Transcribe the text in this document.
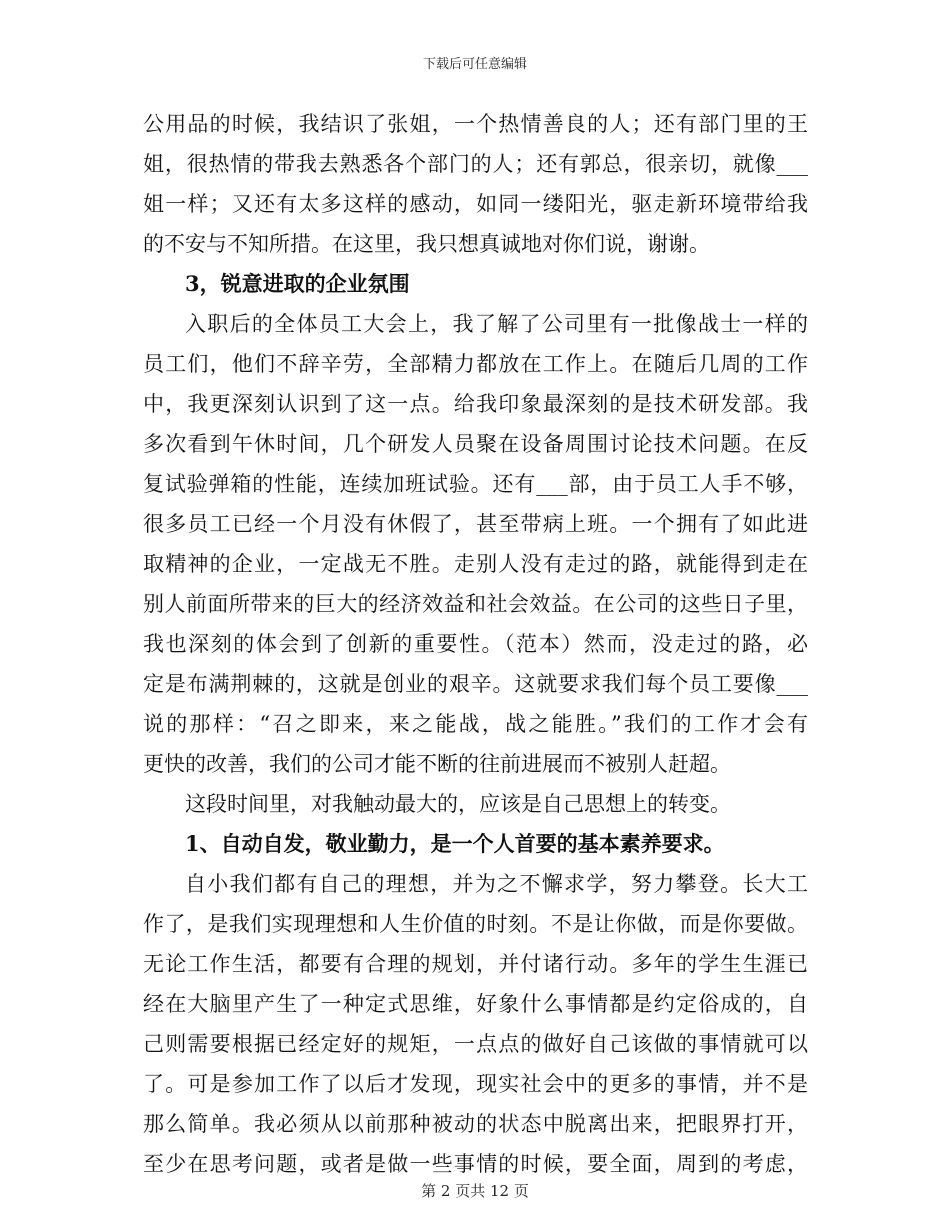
下载后可任意编辑
公用品的时候，我结识了张姐，一个热情善良的人；还有部门里的王
姐，很热情的带我去熟悉各个部门的人；还有郭总，很亲切，就像___
姐一样；又还有太多这样的感动，如同一缕阳光，驱走新环境带给我
的不安与不知所措。在这里，我只想真诚地对你们说，谢谢。
3，锐意进取的企业氛围
入职后的全体员工大会上，我了解了公司里有一批像战士一样的
员工们，他们不辞辛劳，全部精力都放在工作上。在随后几周的工作
中，我更深刻认识到了这一点。给我印象最深刻的是技术研发部。我
多次看到午休时间，几个研发人员聚在设备周围讨论技术问题。在反
复试验弹箱的性能，连续加班试验。还有___部，由于员工人手不够，
很多员工已经一个月没有休假了，甚至带病上班。一个拥有了如此进
取精神的企业，一定战无不胜。走别人没有走过的路，就能得到走在
别人前面所带来的巨大的经济效益和社会效益。在公司的这些日子里，
我也深刻的体会到了创新的重要性。（范本）然而，没走过的路，必
定是布满荆棘的，这就是创业的艰辛。这就要求我们每个员工要像___
说的那样：“召之即来，来之能战，战之能胜。”我们的工作才会有
更快的改善，我们的公司才能不断的往前进展而不被别人赶超。
这段时间里，对我触动最大的，应该是自己思想上的转变。
1、自动自发，敬业勤力，是一个人首要的基本素养要求。
自小我们都有自己的理想，并为之不懈求学，努力攀登。长大工
作了，是我们实现理想和人生价值的时刻。不是让你做，而是你要做。
无论工作生活，都要有合理的规划，并付诸行动。多年的学生生涯已
经在大脑里产生了一种定式思维，好象什么事情都是约定俗成的，自
己则需要根据已经定好的规矩，一点点的做好自己该做的事情就可以
了。可是参加工作了以后才发现，现实社会中的更多的事情，并不是
那么简单。我必须从以前那种被动的状态中脱离出来，把眼界打开，
至少在思考问题，或者是做一些事情的时候，要全面，周到的考虑，
第 2 页共 12 页
